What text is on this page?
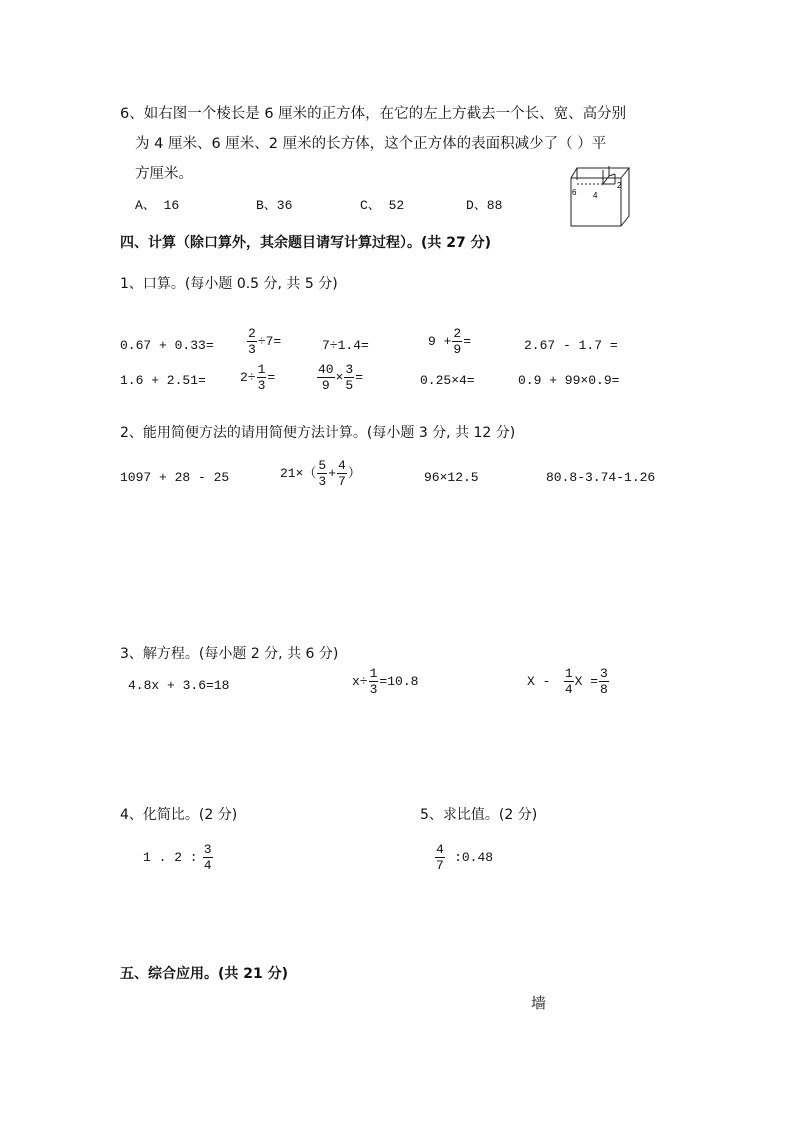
6、如右图一个棱长是 6 厘米的正方体，在它的左上方截去一个长、宽、高分别
为 4 厘米、6 厘米、2 厘米的长方体，这个正方体的表面积减少了（ ）平
方厘米。
A、 16	B、36	C、 52	D、88
6 4
2
四、计算（除口算外，其余题目请写计算过程）。(共 27 分)
1、口算。(每小题 0.5 分, 共 5 分)
0.67 + 0.33=	$\frac{2}{3} \div 7=$	7÷1.4=	$9 + \frac{2}{9}$ =	2.67 - 1.7 =
1.6 + 2.51=	$2\div \frac{1}{3}$ =	$\frac{40}{9} \times \frac{3}{5}$ =	0.25×4=	0.9 + 99×0.9=
2、能用简便方法的请用简便方法计算。(每小题 3 分, 共 12 分)
1097 + 28 - 25	$21\times( \frac{5}{3} + \frac{4}{7}$ ）	96×12.5	80.8-3.74-1.26
3、解方程。(每小题 2 分, 共 6 分)
4.8x + 3.6=18	$x\div \frac{1}{3} =10.8$	X - $\frac{1}{4}$ $X = \frac{3}{8}$
4、化简比。(2 分)	5、求比值。(2 分)
1 . 2 : $\frac{3}{4}$	$\frac{4}{7}$ :0.48
五、综合应用。(共 21 分)
墙
